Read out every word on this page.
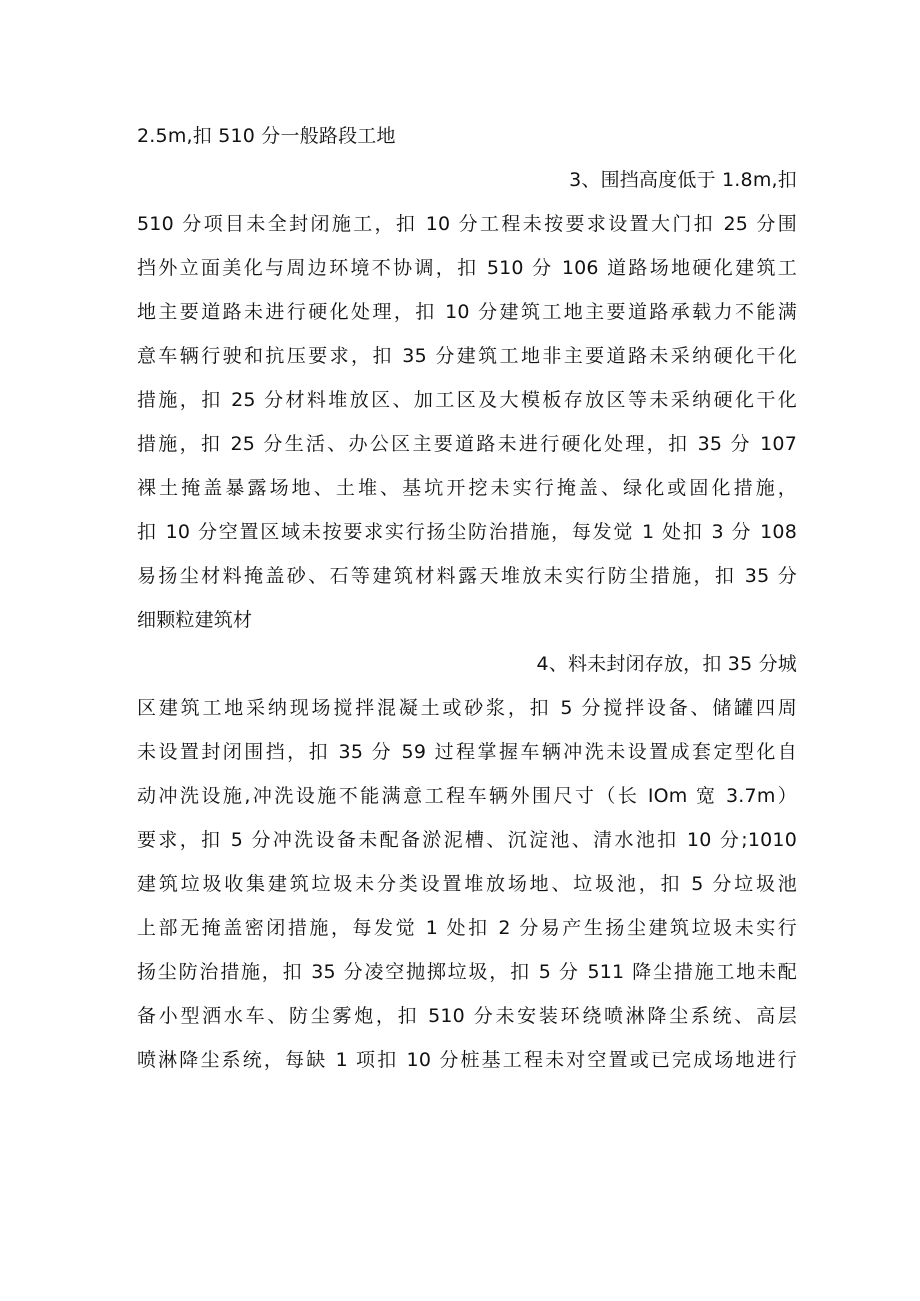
2.5m,扣 510 分一般路段工地
3、围挡高度低于 1.8m,扣
510 分项目未全封闭施工，扣 10 分工程未按要求设置大门扣 25 分围
挡外立面美化与周边环境不协调，扣 510 分 106 道路场地硬化建筑工
地主要道路未进行硬化处理，扣 10 分建筑工地主要道路承载力不能满
意车辆行驶和抗压要求，扣 35 分建筑工地非主要道路未采纳硬化干化
措施，扣 25 分材料堆放区、加工区及大模板存放区等未采纳硬化干化
措施，扣 25 分生活、办公区主要道路未进行硬化处理，扣 35 分 107
裸土掩盖暴露场地、土堆、基坑开挖未实行掩盖、绿化或固化措施，
扣 10 分空置区域未按要求实行扬尘防治措施，每发觉 1 处扣 3 分 108
易扬尘材料掩盖砂、石等建筑材料露天堆放未实行防尘措施，扣 35 分
细颗粒建筑材
4、料未封闭存放，扣 35 分城
区建筑工地采纳现场搅拌混凝土或砂浆，扣 5 分搅拌设备、储罐四周
未设置封闭围挡，扣 35 分 59 过程掌握车辆冲洗未设置成套定型化自
动冲洗设施,冲洗设施不能满意工程车辆外围尺寸（长 IOm 宽 3.7m）
要求，扣 5 分冲洗设备未配备淤泥槽、沉淀池、清水池扣 10 分;1010
建筑垃圾收集建筑垃圾未分类设置堆放场地、垃圾池，扣 5 分垃圾池
上部无掩盖密闭措施，每发觉 1 处扣 2 分易产生扬尘建筑垃圾未实行
扬尘防治措施，扣 35 分凌空抛掷垃圾，扣 5 分 511 降尘措施工地未配
备小型洒水车、防尘雾炮，扣 510 分未安装环绕喷淋降尘系统、高层
喷淋降尘系统，每缺 1 项扣 10 分桩基工程未对空置或已完成场地进行
